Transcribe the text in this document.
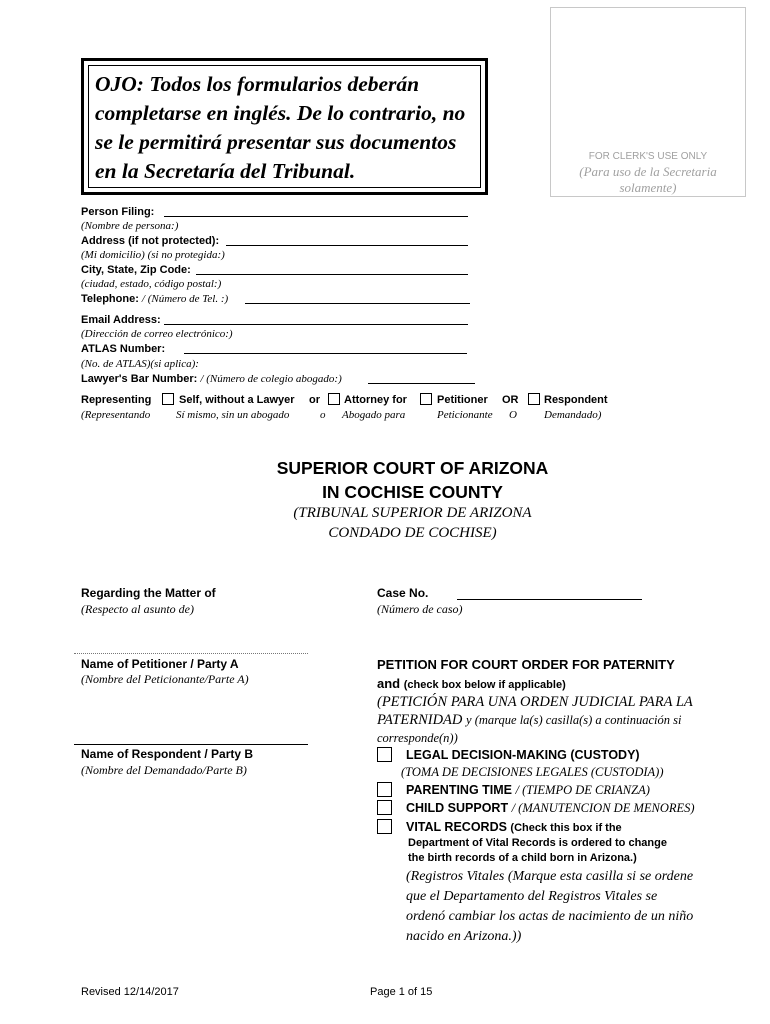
OJO: Todos los formularios deberán
completarse en inglés. De lo contrario, no
se le permitirá presentar sus documentos
en la Secretaría del Tribunal.
FOR CLERK'S USE ONLY
(Para uso de la Secretaria
solamente)
Person Filing:
(Nombre de persona:)
Address (if not protected):
(Mi domicilio) (si no protegida:)
City, State, Zip Code:
(ciudad, estado, código postal:)
Telephone: / (Número de Tel. :)
Email Address:
(Dirección de correo electrónico:)
ATLAS Number:
(No. de ATLAS)(si aplica):
Lawyer's Bar Number: / (Número de colegio abogado:)
Representing	Self, without a Lawyer or Attorney for	Petitioner OR Respondent
(Representando Sí mismo, sin un abogado	o Abogado para	Peticionante O Demandado)
SUPERIOR COURT OF ARIZONA
IN COCHISE COUNTY
(TRIBUNAL SUPERIOR DE ARIZONA
CONDADO DE COCHISE)
Regarding the Matter of
(Respecto al asunto de)
Case No.
(Número de caso)
Name of Petitioner / Party A
(Nombre del Peticionante/Parte A)
Name of Respondent / Party B
(Nombre del Demandado/Parte B)
PETITION FOR COURT ORDER FOR PATERNITY
and (check box below if applicable)
(PETICIÓN PARA UNA ORDEN JUDICIAL PARA LA
PATERNIDAD y (marque la(s) casilla(s) a continuación si
corresponde(n))
LEGAL DECISION-MAKING (CUSTODY)
(TOMA DE DECISIONES LEGALES (CUSTODIA))
PARENTING TIME / (TIEMPO DE CRIANZA)
CHILD SUPPORT / (MANUTENCION DE MENORES)
VITAL RECORDS (Check this box if the
Department of Vital Records is ordered to change
the birth records of a child born in Arizona.)
(Registros Vitales (Marque esta casilla si se ordene
que el Departamento del Registros Vitales se
ordenó cambiar los actas de nacimiento de un niño
nacido en Arizona.))
Revised 12/14/2017	Page 1 of 15
